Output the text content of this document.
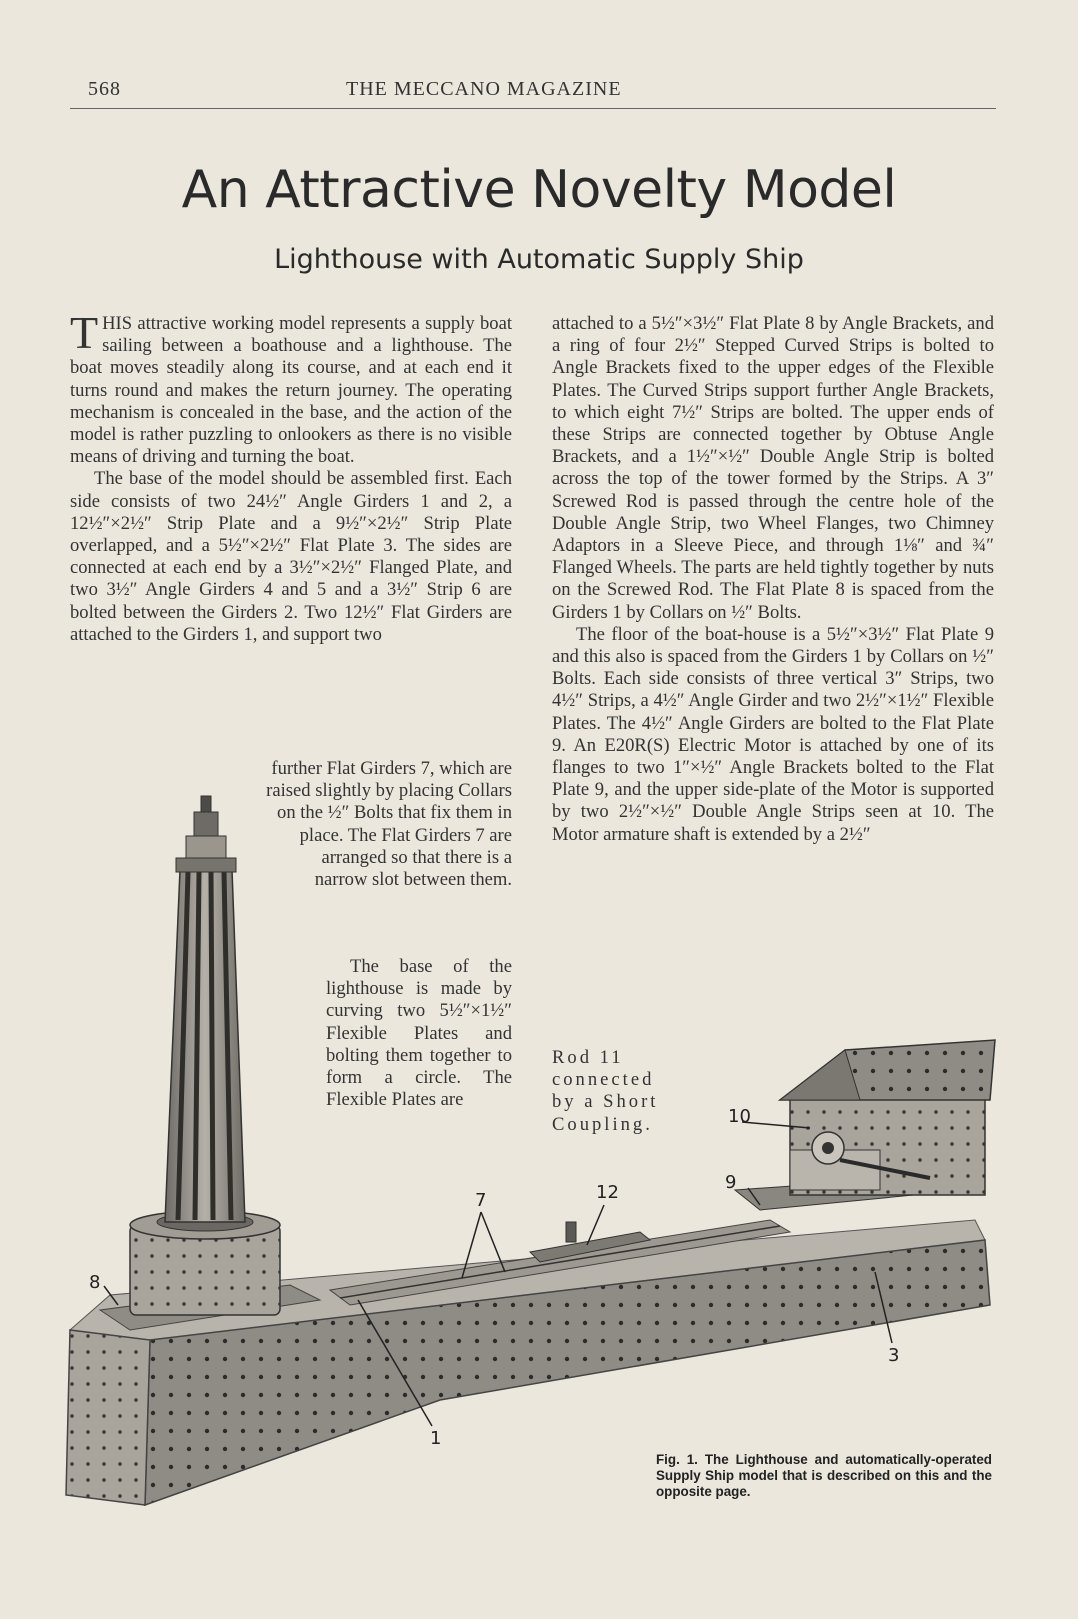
568	THE MECCANO MAGAZINE
An Attractive Novelty Model
Lighthouse with Automatic Supply Ship

THIS attractive working model represents a supply boat sailing between a boathouse and a lighthouse. The boat moves steadily along its course, and at each end it turns round and makes the return journey. The operating mechanism is concealed in the base, and the action of the model is rather puzzling to onlookers as there is no visible means of driving and turning the boat.

The base of the model should be assembled first. Each side consists of two 24½″ Angle Girders 1 and 2, a 12½″×2½″ Strip Plate and a 9½″×2½″ Strip Plate overlapped, and a 5½″×2½″ Flat Plate 3. The sides are connected at each end by a 3½″×2½″ Flanged Plate, and two 3½″ Angle Girders 4 and 5 and a 3½″ Strip 6 are bolted between the Girders 2. Two 12½″ Flat Girders are attached to the Girders 1, and support two

further Flat Girders 7, which are raised slightly by placing Collars on the ½″ Bolts that fix them in place. The Flat Girders 7 are arranged so that there is a narrow slot between them.

The base of the lighthouse is made by curving two 5½″×1½″ Flexible Plates and bolting them together to form a circle. The Flexible Plates are

attached to a 5½″×3½″ Flat Plate 8 by Angle Brackets, and a ring of four 2½″ Stepped Curved Strips is bolted to Angle Brackets fixed to the upper edges of the Flexible Plates. The Curved Strips support further Angle Brackets, to which eight 7½″ Strips are bolted. The upper ends of these Strips are connected together by Obtuse Angle Brackets, and a 1½″×½″ Double Angle Strip is bolted across the top of the tower formed by the Strips. A 3″ Screwed Rod is passed through the centre hole of the Double Angle Strip, two Wheel Flanges, two Chimney Adaptors in a Sleeve Piece, and through 1⅛″ and ¾″ Flanged Wheels. The parts are held tightly together by nuts on the Screwed Rod. The Flat Plate 8 is spaced from the Girders 1 by Collars on ½″ Bolts.

The floor of the boat-house is a 5½″×3½″ Flat Plate 9 and this also is spaced from the Girders 1 by Collars on ½″ Bolts. Each side consists of three vertical 3″ Strips, two 4½″ Strips, a 4½″ Angle Girder and two 2½″×1½″ Flexible Plates. The 4½″ Angle Girders are bolted to the Flat Plate 9. An E20R(S) Electric Motor is attached by one of its flanges to two 1″×½″ Angle Brackets bolted to the Flat Plate 9, and the upper side-plate of the Motor is supported by two 2½″×½″ Double Angle Strips seen at 10. The Motor armature shaft is extended by a 2½″

Rod 11 connected by a Short Coupling.

8
1
7	12	9
10
3
Fig. 1. The Lighthouse and automatically-operated Supply Ship model that is described on this and the opposite page.
